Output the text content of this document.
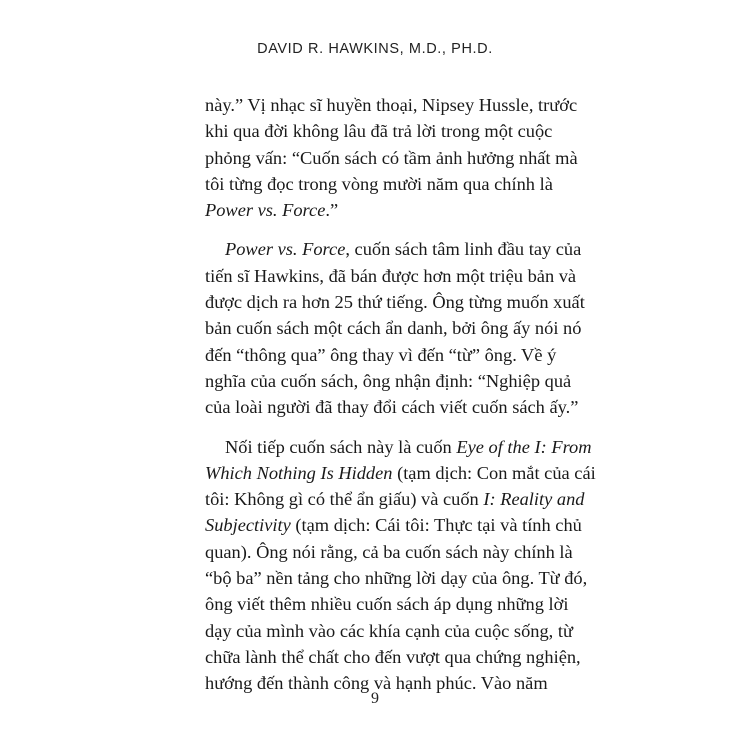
DAVID R. HAWKINS, M.D., PH.D.

này.” Vị nhạc sĩ huyền thoại, Nipsey Hussle, trước
khi qua đời không lâu đã trả lời trong một cuộc
phỏng vấn: “Cuốn sách có tầm ảnh hưởng nhất mà
tôi từng đọc trong vòng mười năm qua chính là
Power vs. Force.”

Power vs. Force, cuốn sách tâm linh đầu tay của
tiến sĩ Hawkins, đã bán được hơn một triệu bản và
được dịch ra hơn 25 thứ tiếng. Ông từng muốn xuất
bản cuốn sách một cách ẩn danh, bởi ông ấy nói nó
đến “thông qua” ông thay vì đến “từ” ông. Về ý
nghĩa của cuốn sách, ông nhận định: “Nghiệp quả
của loài người đã thay đổi cách viết cuốn sách ấy.”

Nối tiếp cuốn sách này là cuốn Eye of the I: From
Which Nothing Is Hidden (tạm dịch: Con mắt của cái
tôi: Không gì có thể ẩn giấu) và cuốn I: Reality and
Subjectivity (tạm dịch: Cái tôi: Thực tại và tính chủ
quan). Ông nói rằng, cả ba cuốn sách này chính là
“bộ ba” nền tảng cho những lời dạy của ông. Từ đó,
ông viết thêm nhiều cuốn sách áp dụng những lời
dạy của mình vào các khía cạnh của cuộc sống, từ
chữa lành thể chất cho đến vượt qua chứng nghiện,
hướng đến thành công và hạnh phúc. Vào năm

9
